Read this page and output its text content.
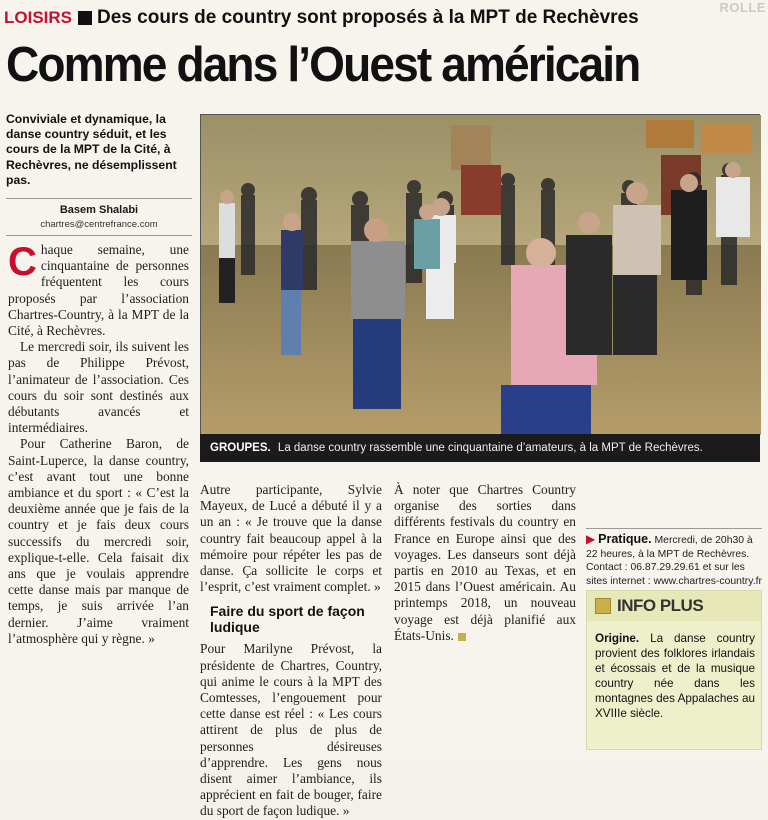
LOISIRS Des cours de country sont proposés à la MPT de Rechèvres	ROLLE
Comme dans l’Ouest américain
Conviviale et dynamique, la danse country séduit, et les cours de la MPT de la Cité, à Rechèvres, ne désemplissent pas.
Basem Shalabi
chartres@centrefrance.com

Chaque semaine, une cinquantaine de personnes fréquentent les cours proposés par l’association Chartres-Country, à la MPT de la Cité, à Rechèvres.

Le mercredi soir, ils suivent les pas de Philippe Prévost, l’animateur de l’association. Ces cours du soir sont destinés aux débutants avancés et intermédiaires.

Pour Catherine Baron, de Saint-Luperce, la danse country, c’est avant tout une bonne ambiance et du sport : « C’est la deuxième année que je fais de la country et je fais deux cours successifs du mercredi soir, explique-t-elle. Cela faisait dix ans que je voulais apprendre cette danse mais par manque de temps, je suis arrivée l’an dernier. J’aime vraiment l’atmosphère qui y règne. »

GROUPES. La danse country rassemble une cinquantaine d’amateurs, à la MPT de Rechèvres.

Autre participante, Sylvie Mayeux, de Lucé a débuté il y a un an : « Je trouve que la danse country fait beaucoup appel à la mémoire pour répéter les pas de danse. Ça sollicite le corps et l’esprit, c’est vraiment complet. »

Faire du sport de façon ludique

Pour Marilyne Prévost, la présidente de Chartres, Country, qui anime le cours à la MPT des Comtesses, l’engouement pour cette danse est réel : « Les cours attirent de plus de plus de personnes désireuses d’apprendre. Les gens nous disent aimer l’ambiance, ils apprécient en fait de bouger, faire du sport de façon ludique. »

À noter que Chartres Country organise des sorties dans différents festivals du country en France en Europe ainsi que des voyages. Les danseurs sont déjà partis en 2010 au Texas, et en 2015 dans l’Ouest américain. Au printemps 2018, un nouveau voyage est déjà planifié aux États-Unis.

▶ Pratique. Mercredi, de 20h30 à 22 heures, à la MPT de Rechèvres. Contact : 06.87.29.29.61 et sur les sites internet : www.chartres-country.fr
INFO PLUS
Origine. La danse country provient des folklores irlandais et écossais et de la musique country née dans les montagnes des Appalaches au XVIIIe siècle.
